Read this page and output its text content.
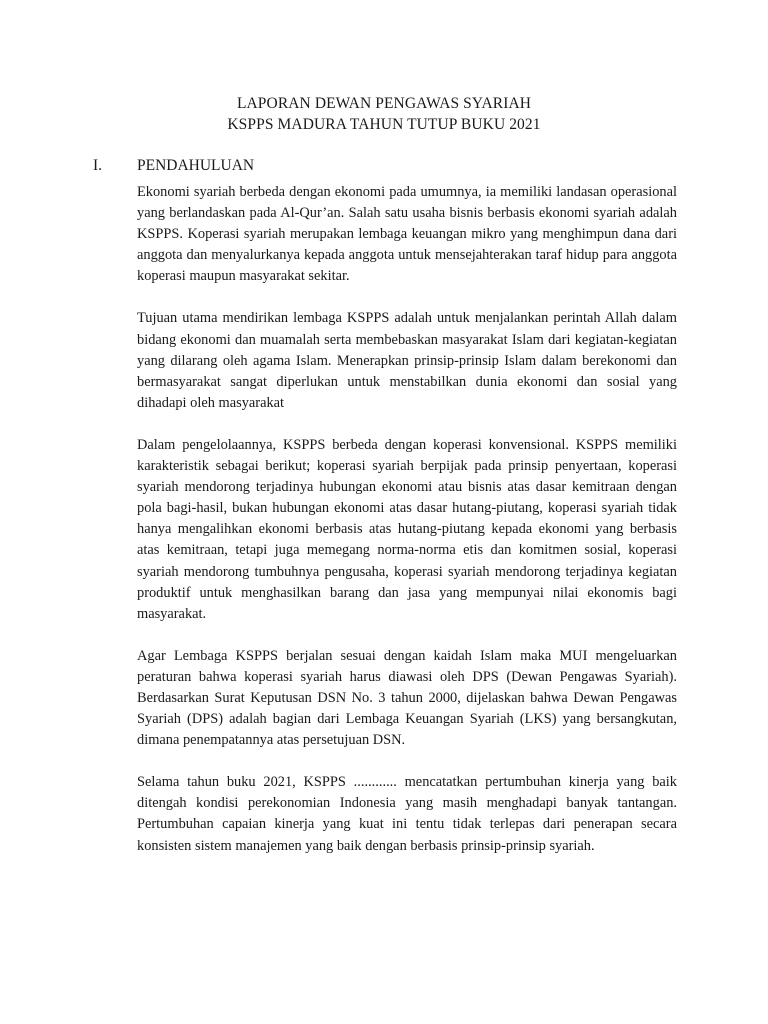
LAPORAN DEWAN PENGAWAS SYARIAH
KSPPS MADURA TAHUN TUTUP BUKU 2021
I. PENDAHULUAN

Ekonomi syariah berbeda dengan ekonomi pada umumnya, ia memiliki landasan operasional yang berlandaskan pada Al-Qur’an. Salah satu usaha bisnis berbasis ekonomi syariah adalah KSPPS. Koperasi syariah merupakan lembaga keuangan mikro yang menghimpun dana dari anggota dan menyalurkanya kepada anggota untuk mensejahterakan taraf hidup para anggota koperasi maupun masyarakat sekitar.

Tujuan utama mendirikan lembaga KSPPS adalah untuk menjalankan perintah Allah dalam bidang ekonomi dan muamalah serta membebaskan masyarakat Islam dari kegiatan-kegiatan yang dilarang oleh agama Islam. Menerapkan prinsip-prinsip Islam dalam berekonomi dan bermasyarakat sangat diperlukan untuk menstabilkan dunia ekonomi dan sosial yang dihadapi oleh masyarakat

Dalam pengelolaannya, KSPPS berbeda dengan koperasi konvensional. KSPPS memiliki karakteristik sebagai berikut; koperasi syariah berpijak pada prinsip penyertaan, koperasi syariah mendorong terjadinya hubungan ekonomi atau bisnis atas dasar kemitraan dengan pola bagi-hasil, bukan hubungan ekonomi atas dasar hutang-piutang, koperasi syariah tidak hanya mengalihkan ekonomi berbasis atas hutang-piutang kepada ekonomi yang berbasis atas kemitraan, tetapi juga memegang norma-norma etis dan komitmen sosial, koperasi syariah mendorong tumbuhnya pengusaha, koperasi syariah mendorong terjadinya kegiatan produktif untuk menghasilkan barang dan jasa yang mempunyai nilai ekonomis bagi masyarakat.

Agar Lembaga KSPPS berjalan sesuai dengan kaidah Islam maka MUI mengeluarkan peraturan bahwa koperasi syariah harus diawasi oleh DPS (Dewan Pengawas Syariah). Berdasarkan Surat Keputusan DSN No. 3 tahun 2000, dijelaskan bahwa Dewan Pengawas Syariah (DPS) adalah bagian dari Lembaga Keuangan Syariah (LKS) yang bersangkutan, dimana penempatannya atas persetujuan DSN.

Selama tahun buku 2021, KSPPS ............ mencatatkan pertumbuhan kinerja yang baik ditengah kondisi perekonomian Indonesia yang masih menghadapi banyak tantangan. Pertumbuhan capaian kinerja yang kuat ini tentu tidak terlepas dari penerapan secara konsisten sistem manajemen yang baik dengan berbasis prinsip-prinsip syariah.
